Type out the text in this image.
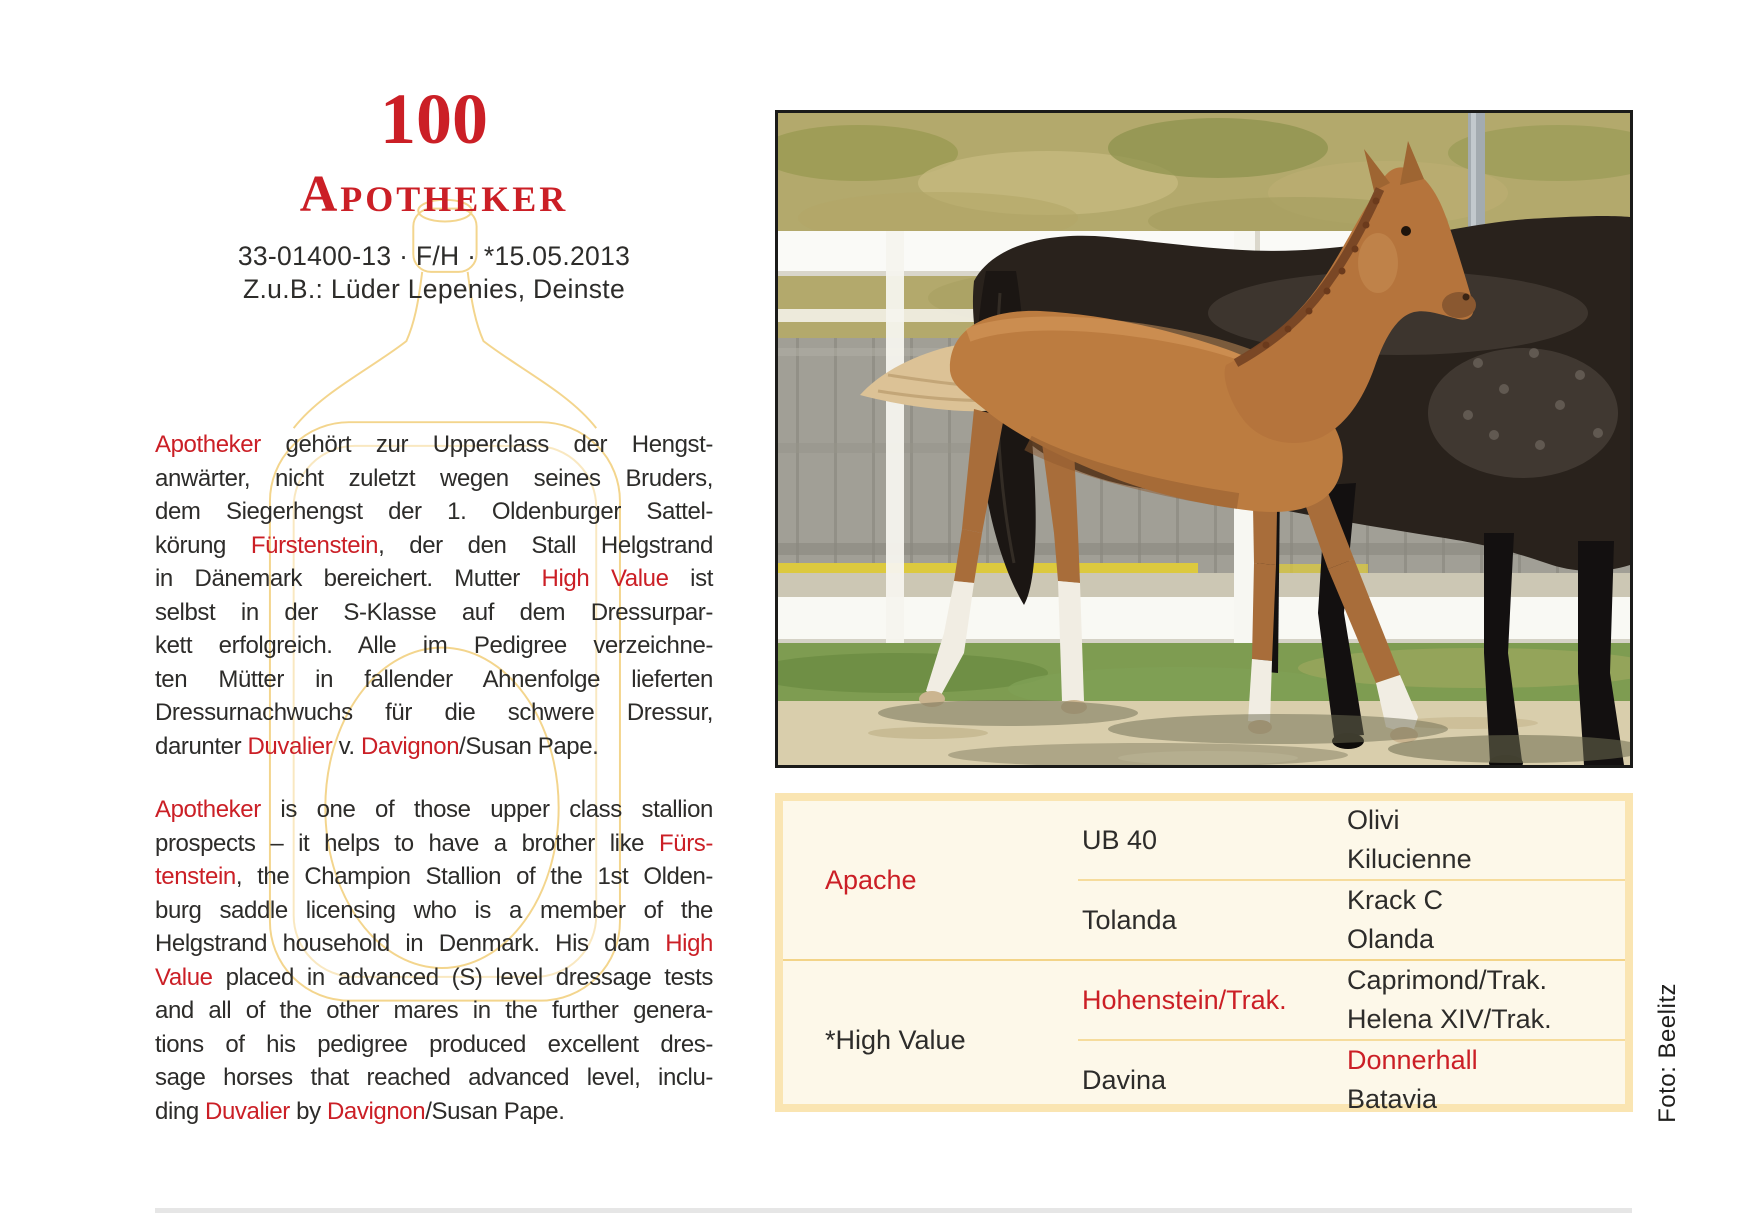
100
Apotheker
33-01400-13 · F/H · *15.05.2013
Z.u.B.: Lüder Lepenies, Deinste
Apotheker gehört zur Upperclass der Hengst-
anwärter, nicht zuletzt wegen seines Bruders,
dem Siegerhengst der 1. Oldenburger Sattel-
körung Fürstenstein, der den Stall Helgstrand
in Dänemark bereichert. Mutter High Value ist
selbst in der S-Klasse auf dem Dressurpar-
kett erfolgreich. Alle im Pedigree verzeichne-
ten Mütter in fallender Ahnenfolge lieferten
Dressurnachwuchs für die schwere Dressur,
darunter Duvalier v. Davignon/Susan Pape.
Apotheker is one of those upper class stallion
prospects – it helps to have a brother like Fürs-
tenstein, the Champion Stallion of the 1st Olden-
burg saddle licensing who is a member of the
Helgstrand household in Denmark. His dam High
Value placed in advanced (S) level dressage tests
and all of the other mares in the further genera-
tions of his pedigree produced excellent dres-
sage horses that reached advanced level, inclu-
ding Duvalier by Davignon/Susan Pape.
Apache
UB 40
Olivi
Kilucienne
Tolanda
Krack C
Olanda
*High Value
Hohenstein/Trak.
Caprimond/Trak.
Helena XIV/Trak.
Davina
Donnerhall
Batavia	Foto: Beelitz
